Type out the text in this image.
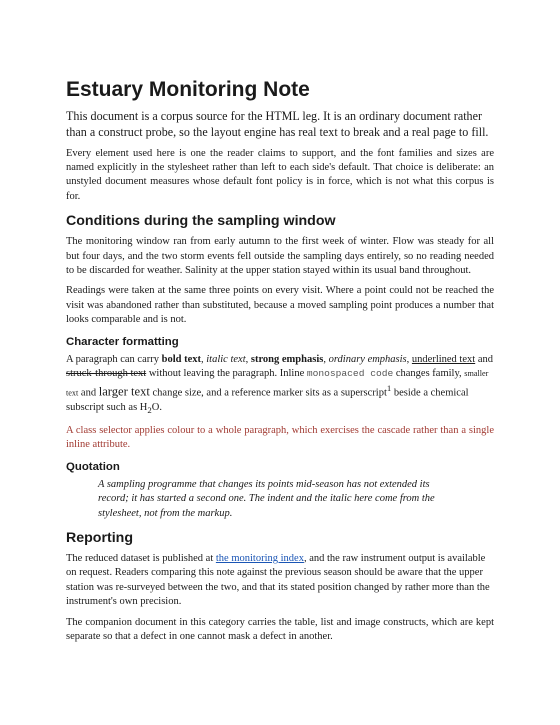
Estuary Monitoring Note

This document is a corpus source for the HTML leg. It is an ordinary document rather than a construct probe, so the layout engine has real text to break and a real page to fill.

Every element used here is one the reader claims to support, and the font families and sizes are named explicitly in the stylesheet rather than left to each side's default. That choice is deliberate: an unstyled document measures whose default font policy is in force, which is not what this corpus is for.

Conditions during the sampling window

The monitoring window ran from early autumn to the first week of winter. Flow was steady for all but four days, and the two storm events fell outside the sampling days entirely, so no reading needed to be discarded for weather. Salinity at the upper station stayed within its usual band throughout.

Readings were taken at the same three points on every visit. Where a point could not be reached the visit was abandoned rather than substituted, because a moved sampling point produces a number that looks comparable and is not.

Character formatting

A paragraph can carry bold text, italic text, strong emphasis, ordinary emphasis, underlined text and struck-through text without leaving the paragraph. Inline monospaced code changes family, smaller text and larger text change size, and a reference marker sits as a superscript$^1$ beside a chemical subscript such as $H_2O$.

A class selector applies colour to a whole paragraph, which exercises the cascade rather than a single inline attribute.

Quotation
A sampling programme that changes its points mid-season has not extended its record; it has started a second one. The indent and the italic here come from the stylesheet, not from the markup.
Reporting

The reduced dataset is published at the monitoring index, and the raw instrument output is available on request. Readers comparing this note against the previous season should be aware that the upper station was re-surveyed between the two, and that its stated position changed by rather more than the instrument's own precision.

The companion document in this category carries the table, list and image constructs, which are kept separate so that a defect in one cannot mask a defect in another.
